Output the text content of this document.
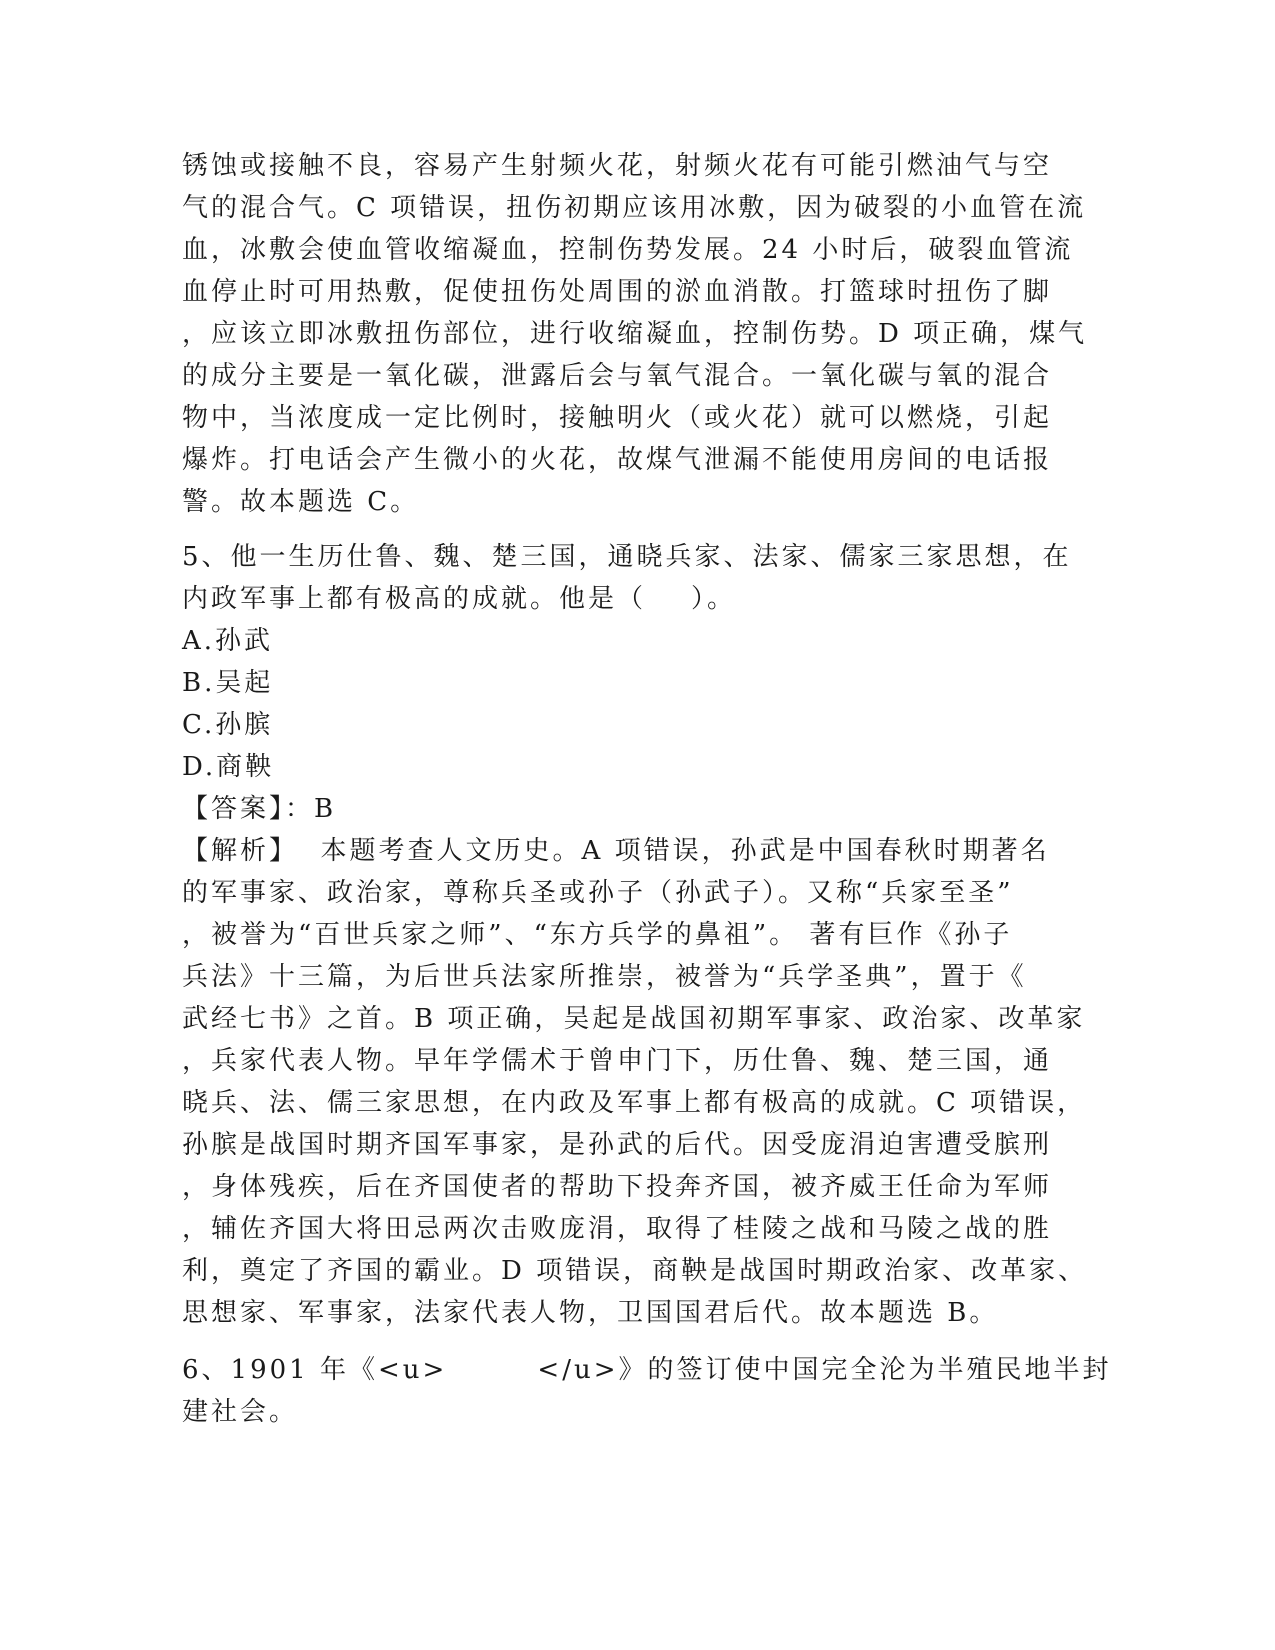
锈蚀或接触不良，容易产生射频火花，射频火花有可能引燃油气与空
气的混合气。C 项错误，扭伤初期应该用冰敷，因为破裂的小血管在流
血，冰敷会使血管收缩凝血，控制伤势发展。24 小时后，破裂血管流
血停止时可用热敷，促使扭伤处周围的淤血消散。打篮球时扭伤了脚
，应该立即冰敷扭伤部位，进行收缩凝血，控制伤势。D 项正确，煤气
的成分主要是一氧化碳，泄露后会与氧气混合。一氧化碳与氧的混合
物中，当浓度成一定比例时，接触明火（或火花）就可以燃烧，引起
爆炸。打电话会产生微小的火花，故煤气泄漏不能使用房间的电话报
警。故本题选 C。
5、他一生历仕鲁、魏、楚三国，通晓兵家、法家、儒家三家思想，在
内政军事上都有极高的成就。他是（    ）。
A.孙武
B.吴起
C.孙膑
D.商鞅
【答案】：B
【解析】  本题考查人文历史。A 项错误，孙武是中国春秋时期著名
的军事家、政治家，尊称兵圣或孙子（孙武子）。又称“兵家至圣”
，被誉为“百世兵家之师”、“东方兵学的鼻祖”。 著有巨作《孙子
兵法》十三篇，为后世兵法家所推崇，被誉为“兵学圣典”，置于《
武经七书》之首。B 项正确，吴起是战国初期军事家、政治家、改革家
，兵家代表人物。早年学儒术于曾申门下，历仕鲁、魏、楚三国，通
晓兵、法、儒三家思想，在内政及军事上都有极高的成就。C 项错误，
孙膑是战国时期齐国军事家，是孙武的后代。因受庞涓迫害遭受膑刑
，身体残疾，后在齐国使者的帮助下投奔齐国，被齐威王任命为军师
，辅佐齐国大将田忌两次击败庞涓，取得了桂陵之战和马陵之战的胜
利，奠定了齐国的霸业。D 项错误，商鞅是战国时期政治家、改革家、
思想家、军事家，法家代表人物，卫国国君后代。故本题选 B。
6、1901 年《<u>        </u>》的签订使中国完全沦为半殖民地半封
建社会。
